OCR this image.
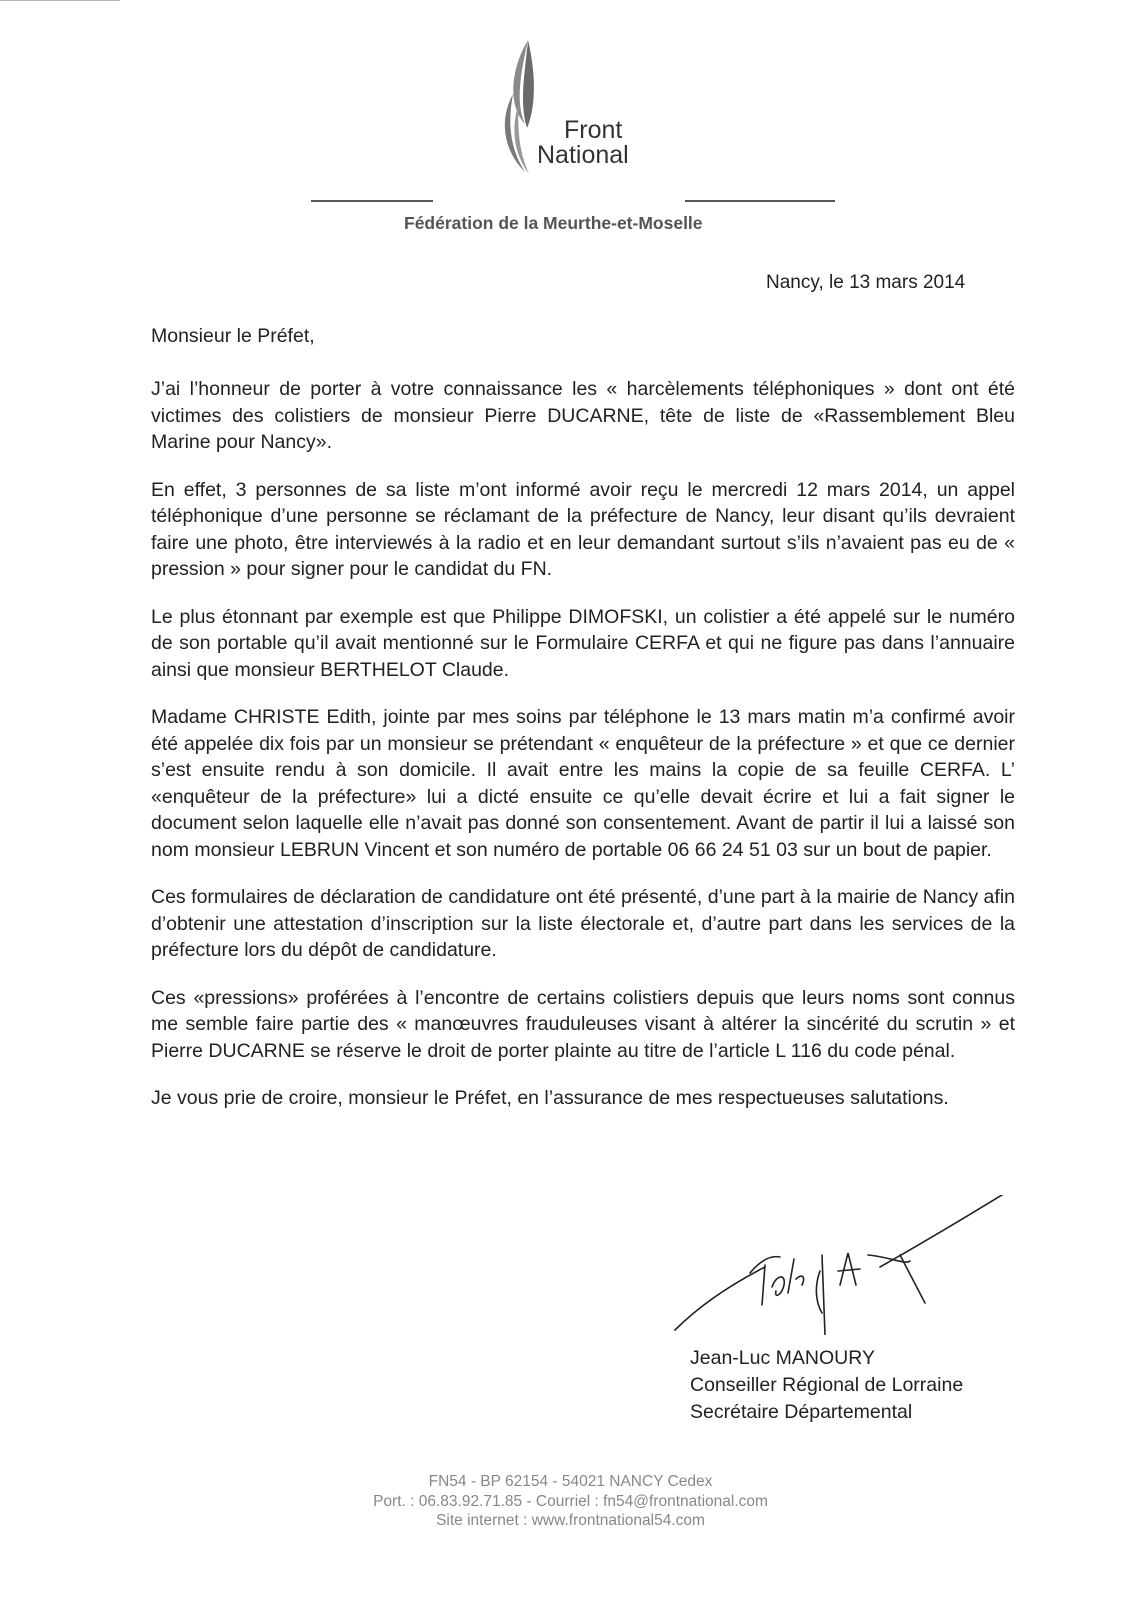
Front
National
Fédération de la Meurthe-et-Moselle
Nancy, le 13 mars 2014
Monsieur le Préfet,

J’ai l’honneur de porter à votre connaissance les « harcèlements téléphoniques » dont ont été victimes des colistiers de monsieur Pierre DUCARNE, tête de liste de «Rassemblement Bleu Marine pour Nancy».

En effet, 3 personnes de sa liste m’ont informé avoir reçu le mercredi 12 mars 2014, un appel téléphonique d’une personne se réclamant de la préfecture de Nancy, leur disant qu’ils devraient faire une photo, être interviewés à la radio et en leur demandant surtout s’ils n’avaient pas eu de « pression » pour signer pour le candidat du FN.

Le plus étonnant par exemple est que Philippe DIMOFSKI, un colistier a été appelé sur le numéro de son portable qu’il avait mentionné sur le Formulaire CERFA et qui ne figure pas dans l’annuaire ainsi que monsieur BERTHELOT Claude.

Madame CHRISTE Edith, jointe par mes soins par téléphone le 13 mars matin m’a confirmé avoir été appelée dix fois par un monsieur se prétendant « enquêteur de la préfecture » et que ce dernier s’est ensuite rendu à son domicile. Il avait entre les mains la copie de sa feuille CERFA. L’ «enquêteur de la préfecture» lui a dicté ensuite ce qu’elle devait écrire et lui a fait signer le document selon laquelle elle n’avait pas donné son consentement. Avant de partir il lui a laissé son nom monsieur LEBRUN Vincent et son numéro de portable 06 66 24 51 03 sur un bout de papier.

Ces formulaires de déclaration de candidature ont été présenté, d’une part à la mairie de Nancy afin d’obtenir une attestation d’inscription sur la liste électorale et, d’autre part dans les services de la préfecture lors du dépôt de candidature.

Ces «pressions» proférées à l’encontre de certains colistiers depuis que leurs noms sont connus me semble faire partie des « manœuvres frauduleuses visant à altérer la sincérité du scrutin » et Pierre DUCARNE se réserve le droit de porter plainte au titre de l’article L 116 du code pénal.

Je vous prie de croire, monsieur le Préfet, en l’assurance de mes respectueuses salutations.

Jean-Luc MANOURY
Conseiller Régional de Lorraine
Secrétaire Départemental
FN54 - BP 62154 - 54021 NANCY Cedex
Port. : 06.83.92.71.85 - Courriel : fn54@frontnational.com
Site internet : www.frontnational54.com
